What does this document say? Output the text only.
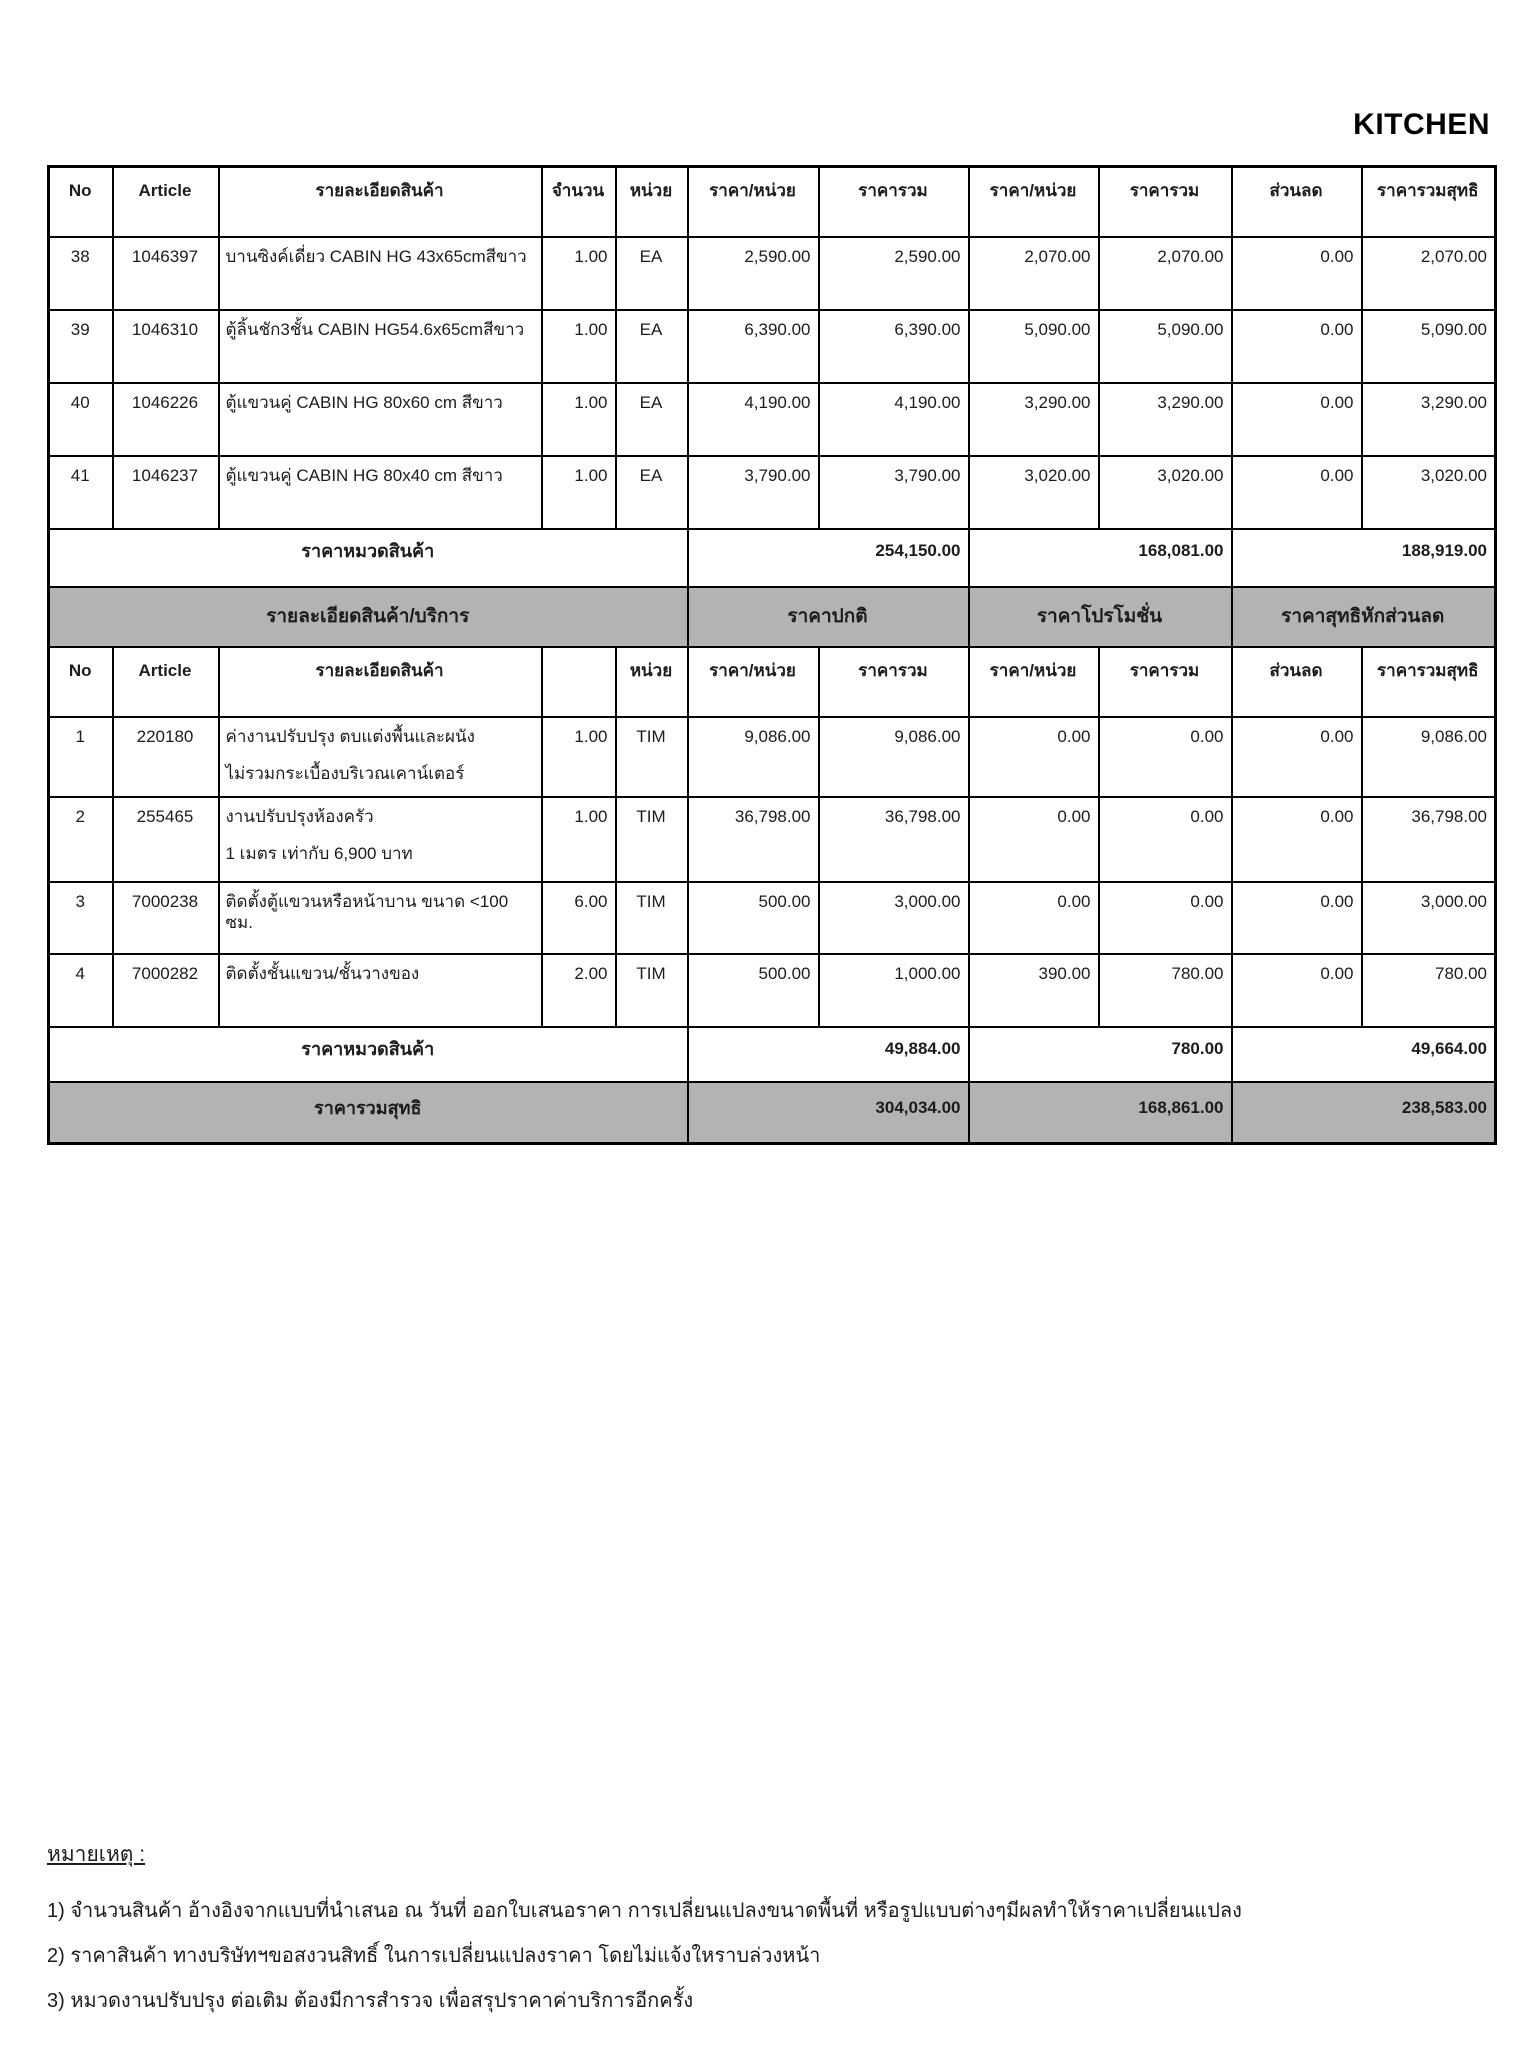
KITCHEN
No	Article	รายละเอียดสินค้า	จำนวน	หน่วย	ราคา/หน่วย	ราคารวม	ราคา/หน่วย	ราคารวม	ส่วนลด	ราคารวมสุทธิ
38	1046397	บานซิงค์เดี่ยว CABIN HG 43x65cmสีขาว	1.00	EA	2,590.00	2,590.00	2,070.00	2,070.00	0.00	2,070.00
39	1046310	ตู้ลิ้นชัก3ชั้น CABIN HG54.6x65cmสีขาว	1.00	EA	6,390.00	6,390.00	5,090.00	5,090.00	0.00	5,090.00
40	1046226	ตู้แขวนคู่ CABIN HG 80x60 cm สีขาว	1.00	EA	4,190.00	4,190.00	3,290.00	3,290.00	0.00	3,290.00
41	1046237	ตู้แขวนคู่ CABIN HG 80x40 cm สีขาว	1.00	EA	3,790.00	3,790.00	3,020.00	3,020.00	0.00	3,020.00
ราคาหมวดสินค้า					254,150.00		168,081.00		188,919.00	
รายละเอียดสินค้า/บริการ					ราคาปกติ		ราคาโปรโมชั่น		ราคาสุทธิหักส่วนลด	
No	Article	รายละเอียดสินค้า		หน่วย	ราคา/หน่วย	ราคารวม	ราคา/หน่วย	ราคารวม	ส่วนลด	ราคารวมสุทธิ
1	220180	ค่างานปรับปรุง ตบแต่งพื้นและผนัง
ไม่รวมกระเบื้องบริเวณเคาน์เตอร์	1.00	TIM	9,086.00	9,086.00	0.00	0.00	0.00	9,086.00
2	255465	งานปรับปรุงห้องครัว
1 เมตร เท่ากับ 6,900 บาท	1.00	TIM	36,798.00	36,798.00	0.00	0.00	0.00	36,798.00
3	7000238	ติดตั้งตู้แขวนหรือหน้าบาน ขนาด <100 ซม.	6.00	TIM	500.00	3,000.00	0.00	0.00	0.00	3,000.00
4	7000282	ติดตั้งชั้นแขวน/ชั้นวางของ	2.00	TIM	500.00	1,000.00	390.00	780.00	0.00	780.00
ราคาหมวดสินค้า					49,884.00		780.00		49,664.00	
ราคารวมสุทธิ					304,034.00		168,861.00		238,583.00	
หมายเหตุ :
1) จำนวนสินค้า อ้างอิงจากแบบที่นำเสนอ ณ วันที่ ออกใบเสนอราคา การเปลี่ยนแปลงขนาดพื้นที่ หรือรูปแบบต่างๆมีผลทำให้ราคาเปลี่ยนแปลง
2) ราคาสินค้า ทางบริษัทฯขอสงวนสิทธิ์ ในการเปลี่ยนแปลงราคา โดยไม่แจ้งใหราบล่วงหน้า
3) หมวดงานปรับปรุง ต่อเติม ต้องมีการสำรวจ เพื่อสรุปราคาค่าบริการอีกครั้ง
